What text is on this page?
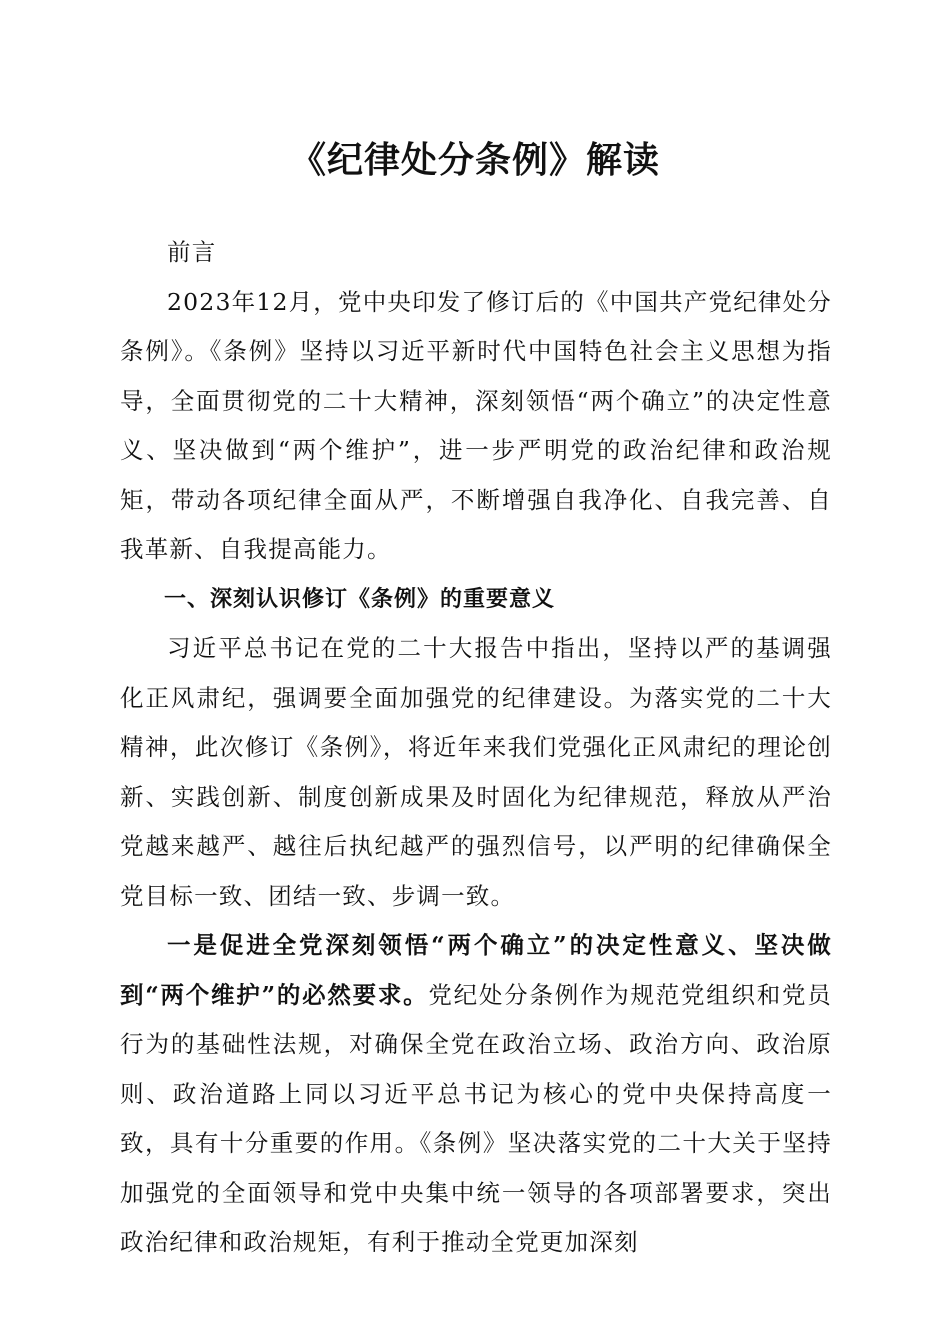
《纪律处分条例》解读

前言

2023年12月，党中央印发了修订后的《中国共产党纪律处分条例》。《条例》坚持以习近平新时代中国特色社会主义思想为指导，全面贯彻党的二十大精神，深刻领悟“两个确立”的决定性意义、坚决做到“两个维护”，进一步严明党的政治纪律和政治规矩，带动各项纪律全面从严，不断增强自我净化、自我完善、自我革新、自我提高能力。

一、深刻认识修订《条例》的重要意义

习近平总书记在党的二十大报告中指出，坚持以严的基调强化正风肃纪，强调要全面加强党的纪律建设。为落实党的二十大精神，此次修订《条例》，将近年来我们党强化正风肃纪的理论创新、实践创新、制度创新成果及时固化为纪律规范，释放从严治党越来越严、越往后执纪越严的强烈信号，以严明的纪律确保全党目标一致、团结一致、步调一致。

一是促进全党深刻领悟“两个确立”的决定性意义、坚决做到“两个维护”的必然要求。党纪处分条例作为规范党组织和党员行为的基础性法规，对确保全党在政治立场、政治方向、政治原则、政治道路上同以习近平总书记为核心的党中央保持高度一致，具有十分重要的作用。《条例》坚决落实党的二十大关于坚持加强党的全面领导和党中央集中统一领导的各项部署要求，突出政治纪律和政治规矩，有利于推动全党更加深刻
